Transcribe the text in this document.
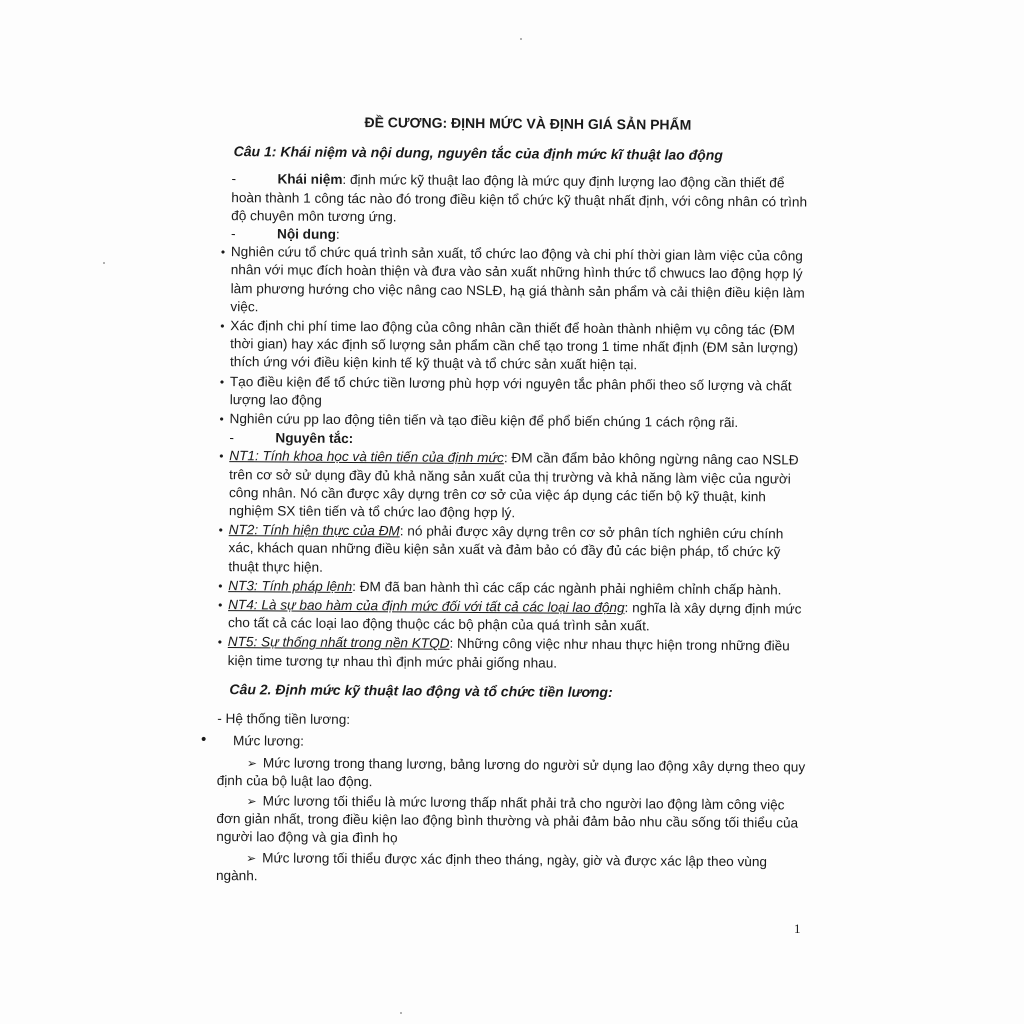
ĐỀ CƯƠNG: ĐỊNH MỨC VÀ ĐỊNH GIÁ SẢN PHẨM
Câu 1: Khái niệm và nội dung, nguyên tắc của định mức kĩ thuật lao động

-	Khái niệm: định mức kỹ thuật lao động là mức quy định lượng lao động cần thiết để hoàn thành 1 công tác nào đó trong điều kiện tổ chức kỹ thuật nhất định, với công nhân có trình độ chuyên môn tương ứng.

-	Nội dung:

• Nghiên cứu tổ chức quá trình sản xuất, tổ chức lao động và chi phí thời gian làm việc của công nhân với mục đích hoàn thiện và đưa vào sản xuất những hình thức tổ chwucs lao động hợp lý làm phương hướng cho việc nâng cao NSLĐ, hạ giá thành sản phẩm và cải thiện điều kiện làm việc.
• Xác định chi phí time lao động của công nhân cần thiết để hoàn thành nhiệm vụ công tác (ĐM thời gian) hay xác định số lượng sản phẩm cần chế tạo trong 1 time nhất định (ĐM sản lượng) thích ứng với điều kiện kinh tế kỹ thuật và tổ chức sản xuất hiện tại.
• Tạo điều kiện để tổ chức tiền lương phù hợp với nguyên tắc phân phối theo số lượng và chất lượng lao động
• Nghiên cứu pp lao động tiên tiến và tạo điều kiện để phổ biến chúng 1 cách rộng rãi.

-	Nguyên tắc:

• NT1: Tính khoa học và tiên tiến của định mức: ĐM cần đẩm bảo không ngừng nâng cao NSLĐ trên cơ sở sử dụng đầy đủ khả năng sản xuất của thị trường và khả năng làm việc của người công nhân. Nó cần được xây dựng trên cơ sở của việc áp dụng các tiến bộ kỹ thuật, kinh nghiệm SX tiên tiến và tổ chức lao động hợp lý.
• NT2: Tính hiện thực của ĐM: nó phải được xây dựng trên cơ sở phân tích nghiên cứu chính xác, khách quan những điều kiện sản xuất và đảm bảo có đầy đủ các biện pháp, tổ chức kỹ thuật thực hiện.
• NT3: Tính pháp lệnh: ĐM đã ban hành thì các cấp các ngành phải nghiêm chỉnh chấp hành.
• NT4: Là sự bao hàm của định mức đối với tất cả các loại lao động: nghĩa là xây dựng định mức cho tất cả các loại lao động thuộc các bộ phận của quá trình sản xuất.
• NT5: Sự thống nhất trong nền KTQD: Những công việc như nhau thực hiện trong những điều kiện time tương tự nhau thì định mức phải giống nhau.
Câu 2. Định mức kỹ thuật lao động và tổ chức tiền lương:

- Hệ thống tiền lương:

• Mức lương:
➢ Mức lương trong thang lương, bảng lương do người sử dụng lao động xây dựng theo quy định của bộ luật lao động.
➢ Mức lương tối thiểu là mức lương thấp nhất phải trả cho người lao động làm công việc đơn giản nhất, trong điều kiện lao động bình thường và phải đảm bảo nhu cầu sống tối thiểu của người lao động và gia đình họ
➢ Mức lương tối thiểu được xác định theo tháng, ngày, giờ và được xác lập theo vùng ngành.
1
